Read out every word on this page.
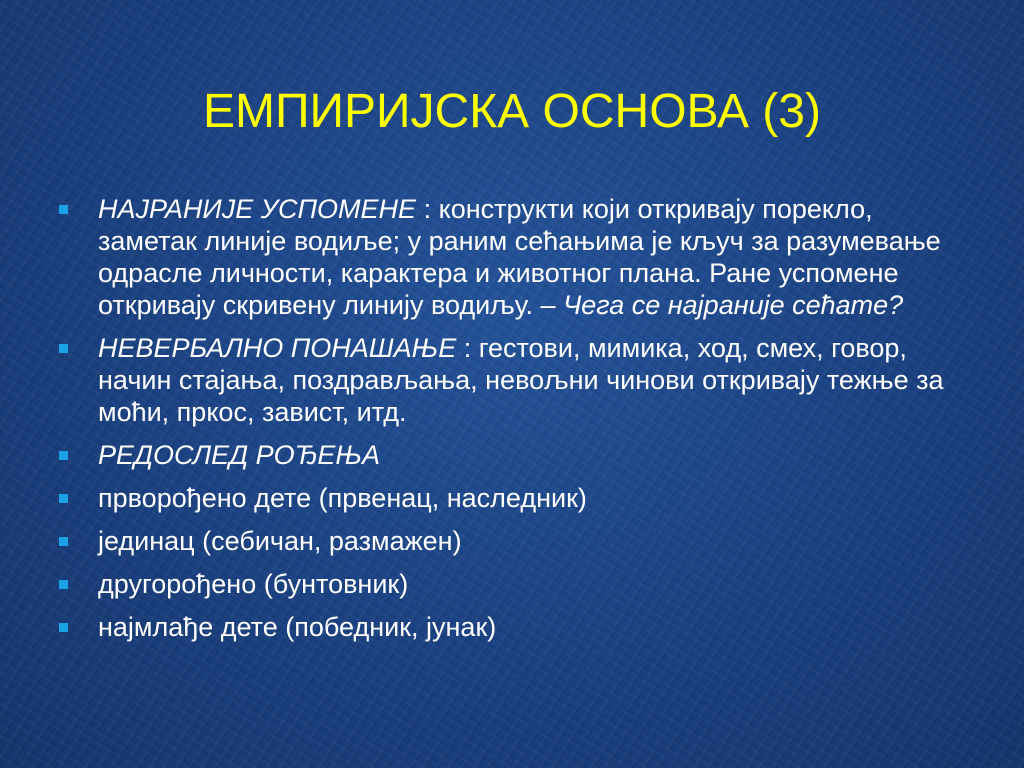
ЕМПИРИЈСКА ОСНОВА (3)
НАЈРАНИЈЕ УСПОМЕНЕ : конструкти који откривају порекло, заметак линије водиље; у раним сећањима је кључ за разумевање одрасле личности, карактера и животног плана. Ране успомене откривају скривену линију водиљу. – Чега се најраније сећате?
НЕВЕРБАЛНО ПОНАШАЊЕ : гестови, мимика, ход, смех, говор, начин стајања, поздрављања, невољни чинови откривају тежње за моћи, пркос, завист, итд.
РЕДОСЛЕД РОЂЕЊА
прворођено дете (првенац, наследник)
јединац (себичан, размажен)
другорођено (бунтовник)
најмлађе дете (победник, јунак)
